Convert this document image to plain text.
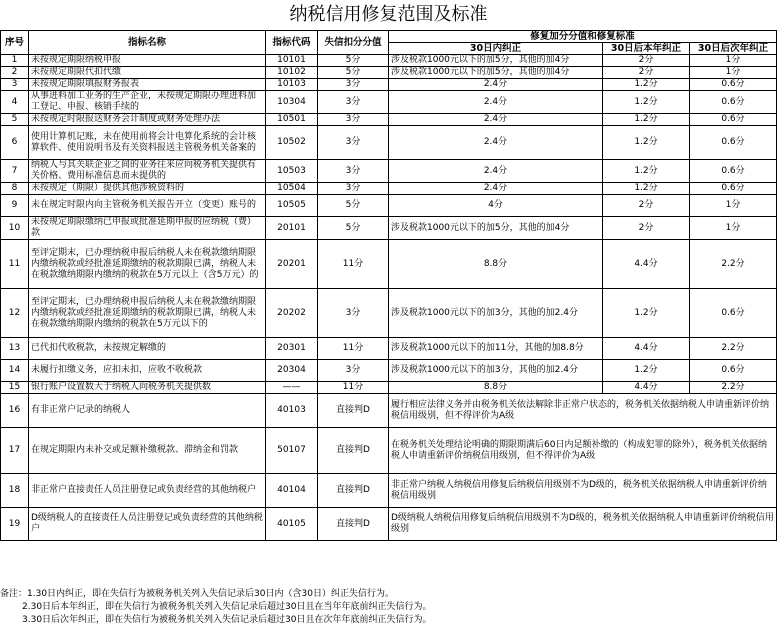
纳税信用修复范围及标准
序号	指标名称	指标代码	失信扣分分值	修复加分分值和修复标准		
				30日内纠正	30日后本年纠正	30日后次年纠正
1	未按规定期限纳税申报	10101	5分	涉及税款1000元以下的加5分，其他的加4分	2分	1分
2	未按规定期限代扣代缴	10102	5分	涉及税款1000元以下的加5分，其他的加4分	2分	1分
3	未按规定期限填报财务报表	10103	3分	2.4分	1.2分	0.6分
4	从事进料加工业务的生产企业，未按规定期限办理进料加工登记、申报、核销手续的	10304	3分	2.4分	1.2分	0.6分
5	未按规定时限报送财务会计制度或财务处理办法	10501	3分	2.4分	1.2分	0.6分
6	使用计算机记账，未在使用前将会计电算化系统的会计核算软件、使用说明书及有关资料报送主管税务机关备案的	10502	3分	2.4分	1.2分	0.6分
7	纳税人与其关联企业之间的业务往来应向税务机关提供有关价格、费用标准信息而未提供的	10503	3分	2.4分	1.2分	0.6分
8	未按规定（期限）提供其他涉税资料的	10504	3分	2.4分	1.2分	0.6分
9	未在规定时限内向主管税务机关报告开立（变更）账号的	10505	5分	4分	2分	1分
10	未按规定期限缴纳已申报或批准延期申报的应纳税（费）款	20101	5分	涉及税款1000元以下的加5分，其他的加4分	2分	1分
11	至评定期末，已办理纳税申报后纳税人未在税款缴纳期限内缴纳税款或经批准延期缴纳的税款期限已满，纳税人未在税款缴纳期限内缴纳的税款在5万元以上（含5万元）的	20201	11分	8.8分	4.4分	2.2分
12	至评定期末，已办理纳税申报后纳税人未在税款缴纳期限内缴纳税款或经批准延期缴纳的税款期限已满，纳税人未在税款缴纳期限内缴纳的税款在5万元以下的	20202	3分	涉及税款1000元以下的加3分，其他的加2.4分	1.2分	0.6分
13	已代扣代收税款，未按规定解缴的	20301	11分	涉及税款1000元以下的加11分，其他的加8.8分	4.4分	2.2分
14	未履行扣缴义务，应扣未扣，应收不收税款	20304	3分	涉及税款1000元以下的加3分，其他的加2.4分	1.2分	0.6分
15	银行账户设置数大于纳税人向税务机关提供数	——	11分	8.8分	4.4分	2.2分
16	有非正常户记录的纳税人	40103	直接判D	履行相应法律义务并由税务机关依法解除非正常户状态的，税务机关依据纳税人申请重新评价纳税信用级别，但不得评价为A级		
17	在规定期限内未补交或足额补缴税款、滞纳金和罚款	50107	直接判D	在税务机关处理结论明确的期限期满后60日内足额补缴的（构成犯罪的除外），税务机关依据纳税人申请重新评价纳税信用级别，但不得评价为A级		
18	非正常户直接责任人员注册登记或负责经营的其他纳税户	40104	直接判D	非正常户纳税人纳税信用修复后纳税信用级别不为D级的，税务机关依据纳税人申请重新评价纳税信用级别		
19	D级纳税人的直接责任人员注册登记或负责经营的其他纳税户	40105	直接判D	D级纳税人纳税信用修复后纳税信用级别不为D级的，税务机关依据纳税人申请重新评价纳税信用级别		
备注：1.30日内纠正，即在失信行为被税务机关列入失信记录后30日内（含30日）纠正失信行为。
2.30日后本年纠正，即在失信行为被税务机关列入失信记录后超过30日且在当年年底前纠正失信行为。
3.30日后次年纠正，即在失信行为被税务机关列入失信记录后超过30日且在次年年底前纠正失信行为。
